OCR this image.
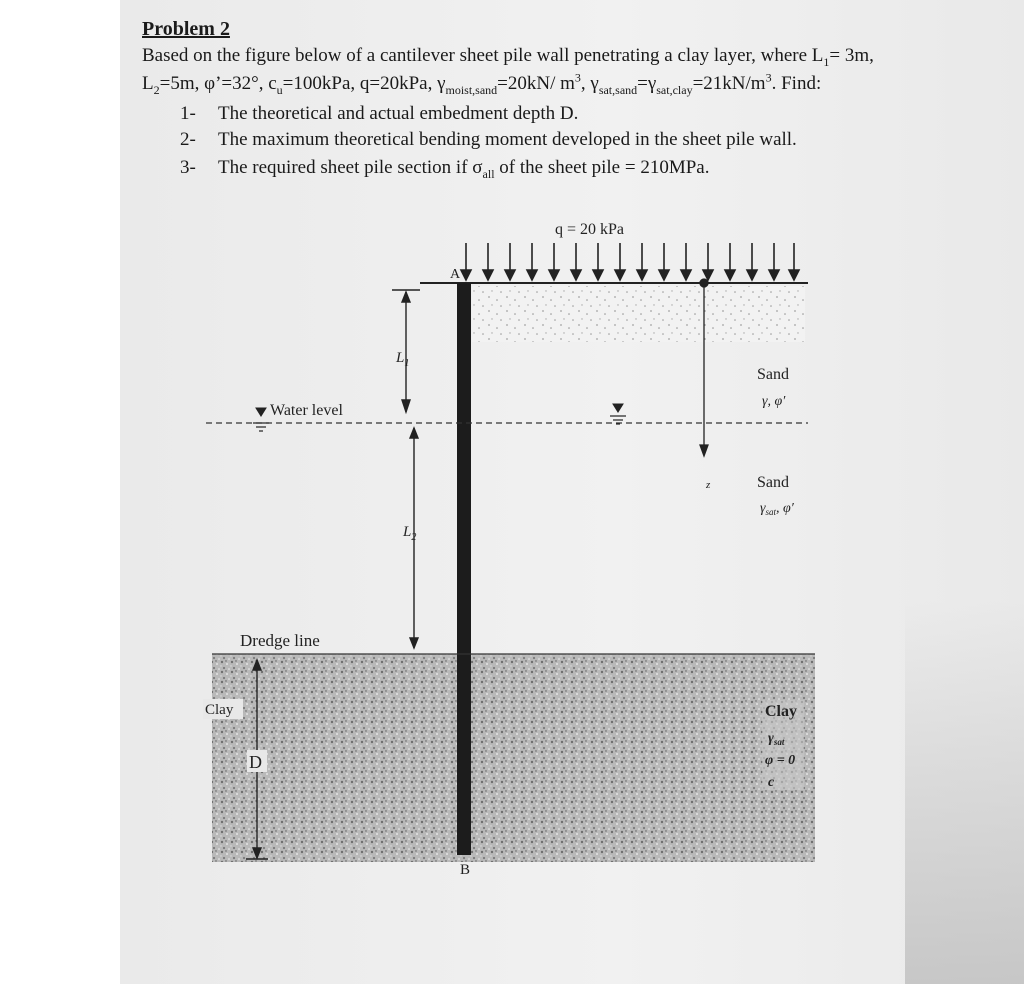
Problem 2
Based on the figure below of a cantilever sheet pile wall penetrating a clay layer, where $L_1= 3m$,
$L_2=5m$, φ’=32°, $c_u=100kPa$, q=20kPa, $\gamma_{moist,sand}=20kN/$ $m^3$, $\gamma_{sat,sand}=\gamma_{sat,clay}=21kN/m^3$. Find:
1- The theoretical and actual embedment depth D.
2- The maximum theoretical bending moment developed in the sheet pile wall.
3- The required sheet pile section if $\sigma_{all}$ of the sheet pile = 210MPa.
q = 20 kPa
A
B
$L_1$
Water level
$L_2$
Dredge line
Clay
D
z
Sand
γ, φ′
Sand
$\gamma_{sat}$, φ′
Clay
$\gamma_{sat}$
φ = 0
c
